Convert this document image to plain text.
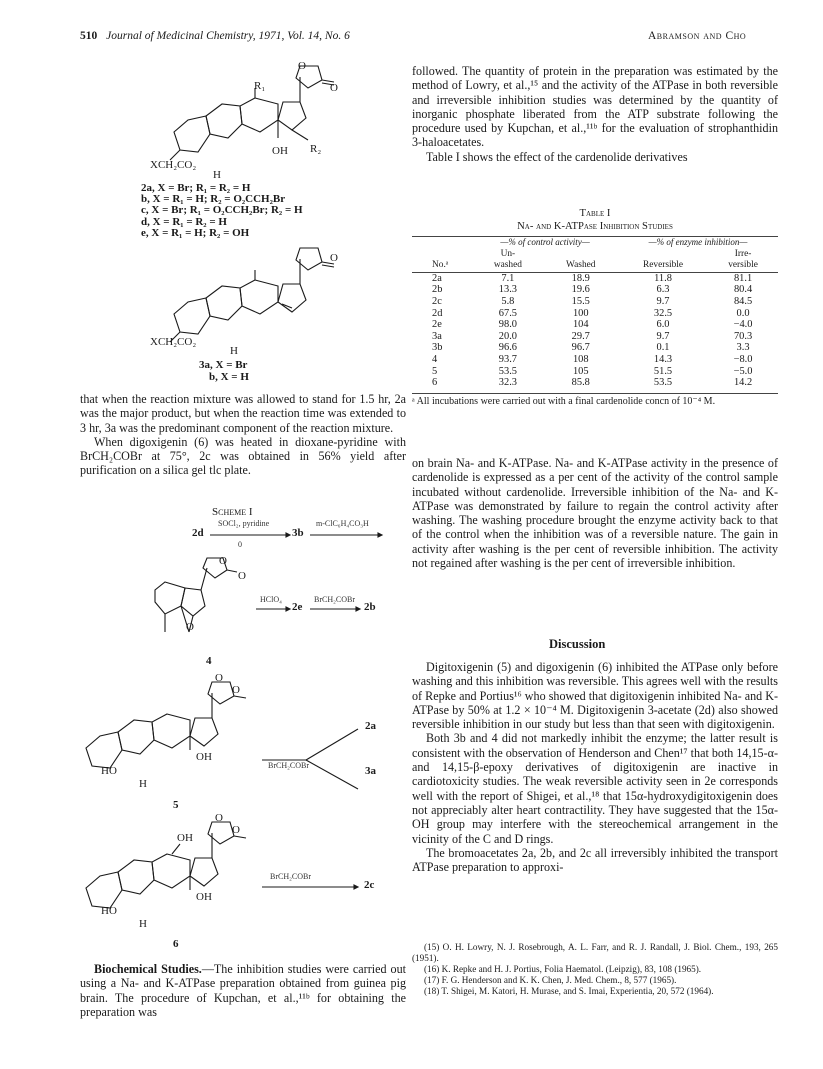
510 Journal of Medicinal Chemistry, 1971, Vol. 14, No. 6	Abramson and Cho
R₁	O
O
R₂
OH
H
XCH₂CO₂
2a, X = Br; R₁ = R₂ = H
b, X = R₁ = H; R₂ = O₂CCH₂Br
c, X = Br; R₁ = O₂CCH₂Br; R₂ = H
d, X = R₁ = R₂ = H
e, X = R₁ = H; R₂ = OH
O
XCH₂CO₂
H
3a, X = Br
b, X = H

that when the reaction mixture was allowed to stand for 1.5 hr, 2a was the major product, but when the reaction time was extended to 3 hr, 3a was the predominant component of the reaction mixture.

When digoxigenin (6) was heated in dioxane-pyridine with BrCH₂COBr at 75°, 2c was obtained in 56% yield after purification on a silica gel tlc plate.

Scheme I
2d
SOCl₂, pyridine
0
3b
m-ClC₆H₄CO₃H
O
O
O
4
HClO₄
2e
BrCH₂COBr
2b
O
O
OH
HO
H
5
BrCH₂COBr
2a
3a
O
O
OH
OH
HO
H
6
BrCH₂COBr
2c

Biochemical Studies.—The inhibition studies were carried out using a Na- and K-ATPase preparation obtained from guinea pig brain. The procedure of Kupchan, et al.,¹¹ᵇ for obtaining the preparation was

followed. The quantity of protein in the preparation was estimated by the method of Lowry, et al.,¹⁵ and the activity of the ATPase in both reversible and irreversible inhibition studies was determined by the quantity of inorganic phosphate liberated from the ATP substrate following the procedure used by Kupchan, et al.,¹¹ᵇ for the evaluation of strophanthidin 3-haloacetates.

Table I shows the effect of the cardenolide derivatives

Table I
Na- and K-ATPase Inhibition Studies
	—% of control activity—		—% of enzyme inhibition—	
No.ᵃ	Un-
washed	Washed	Reversible	Irre-
versible
2a	7.1	18.9	11.8	81.1
2b	13.3	19.6	6.3	80.4
2c	5.8	15.5	9.7	84.5
2d	67.5	100	32.5	0.0
2e	98.0	104	6.0	−4.0
3a	20.0	29.7	9.7	70.3
3b	96.6	96.7	0.1	3.3
4	93.7	108	14.3	−8.0
5	53.5	105	51.5	−5.0
6	32.3	85.8	53.5	14.2
ᵃ All incubations were carried out with a final cardenolide concn of 10⁻⁴ M.

on brain Na- and K-ATPase. Na- and K-ATPase activity in the presence of cardenolide is expressed as a per cent of the activity of the control sample incubated without cardenolide. Irreversible inhibition of the Na- and K-ATPase was demonstrated by failure to regain the control activity after washing. The washing procedure brought the enzyme activity back to that of the control when the inhibition was of a reversible nature. The gain in activity after washing is the per cent of reversible inhibition. The activity not regained after washing is the per cent of irreversible inhibition.

Discussion

Digitoxigenin (5) and digoxigenin (6) inhibited the ATPase only before washing and this inhibition was reversible. This agrees well with the results of Repke and Portius¹⁶ who showed that digitoxigenin inhibited Na- and K-ATPase by 50% at 1.2 × 10⁻⁴ M. Digitoxigenin 3-acetate (2d) also showed reversible inhibition in our study but less than that seen with digitoxigenin.

Both 3b and 4 did not markedly inhibit the enzyme; the latter result is consistent with the observation of Henderson and Chen¹⁷ that both 14,15-α- and 14,15-β-epoxy derivatives of digitoxigenin are inactive in cardiotoxicity studies. The weak reversible activity seen in 2e corresponds well with the report of Shigei, et al.,¹⁸ that 15α-hydroxydigitoxigenin does not appreciably alter heart contractility. They have suggested that the 15α-OH group may interfere with the stereochemical arrangement in the vicinity of the C and D rings.

The bromoacetates 2a, 2b, and 2c all irreversibly inhibited the transport ATPase preparation to approxi-

(15) O. H. Lowry, N. J. Rosebrough, A. L. Farr, and R. J. Randall, J. Biol. Chem., 193, 265 (1951).

(16) K. Repke and H. J. Portius, Folia Haematol. (Leipzig), 83, 108 (1965).

(17) F. G. Henderson and K. K. Chen, J. Med. Chem., 8, 577 (1965).

(18) T. Shigei, M. Katori, H. Murase, and S. Imai, Experientia, 20, 572 (1964).
